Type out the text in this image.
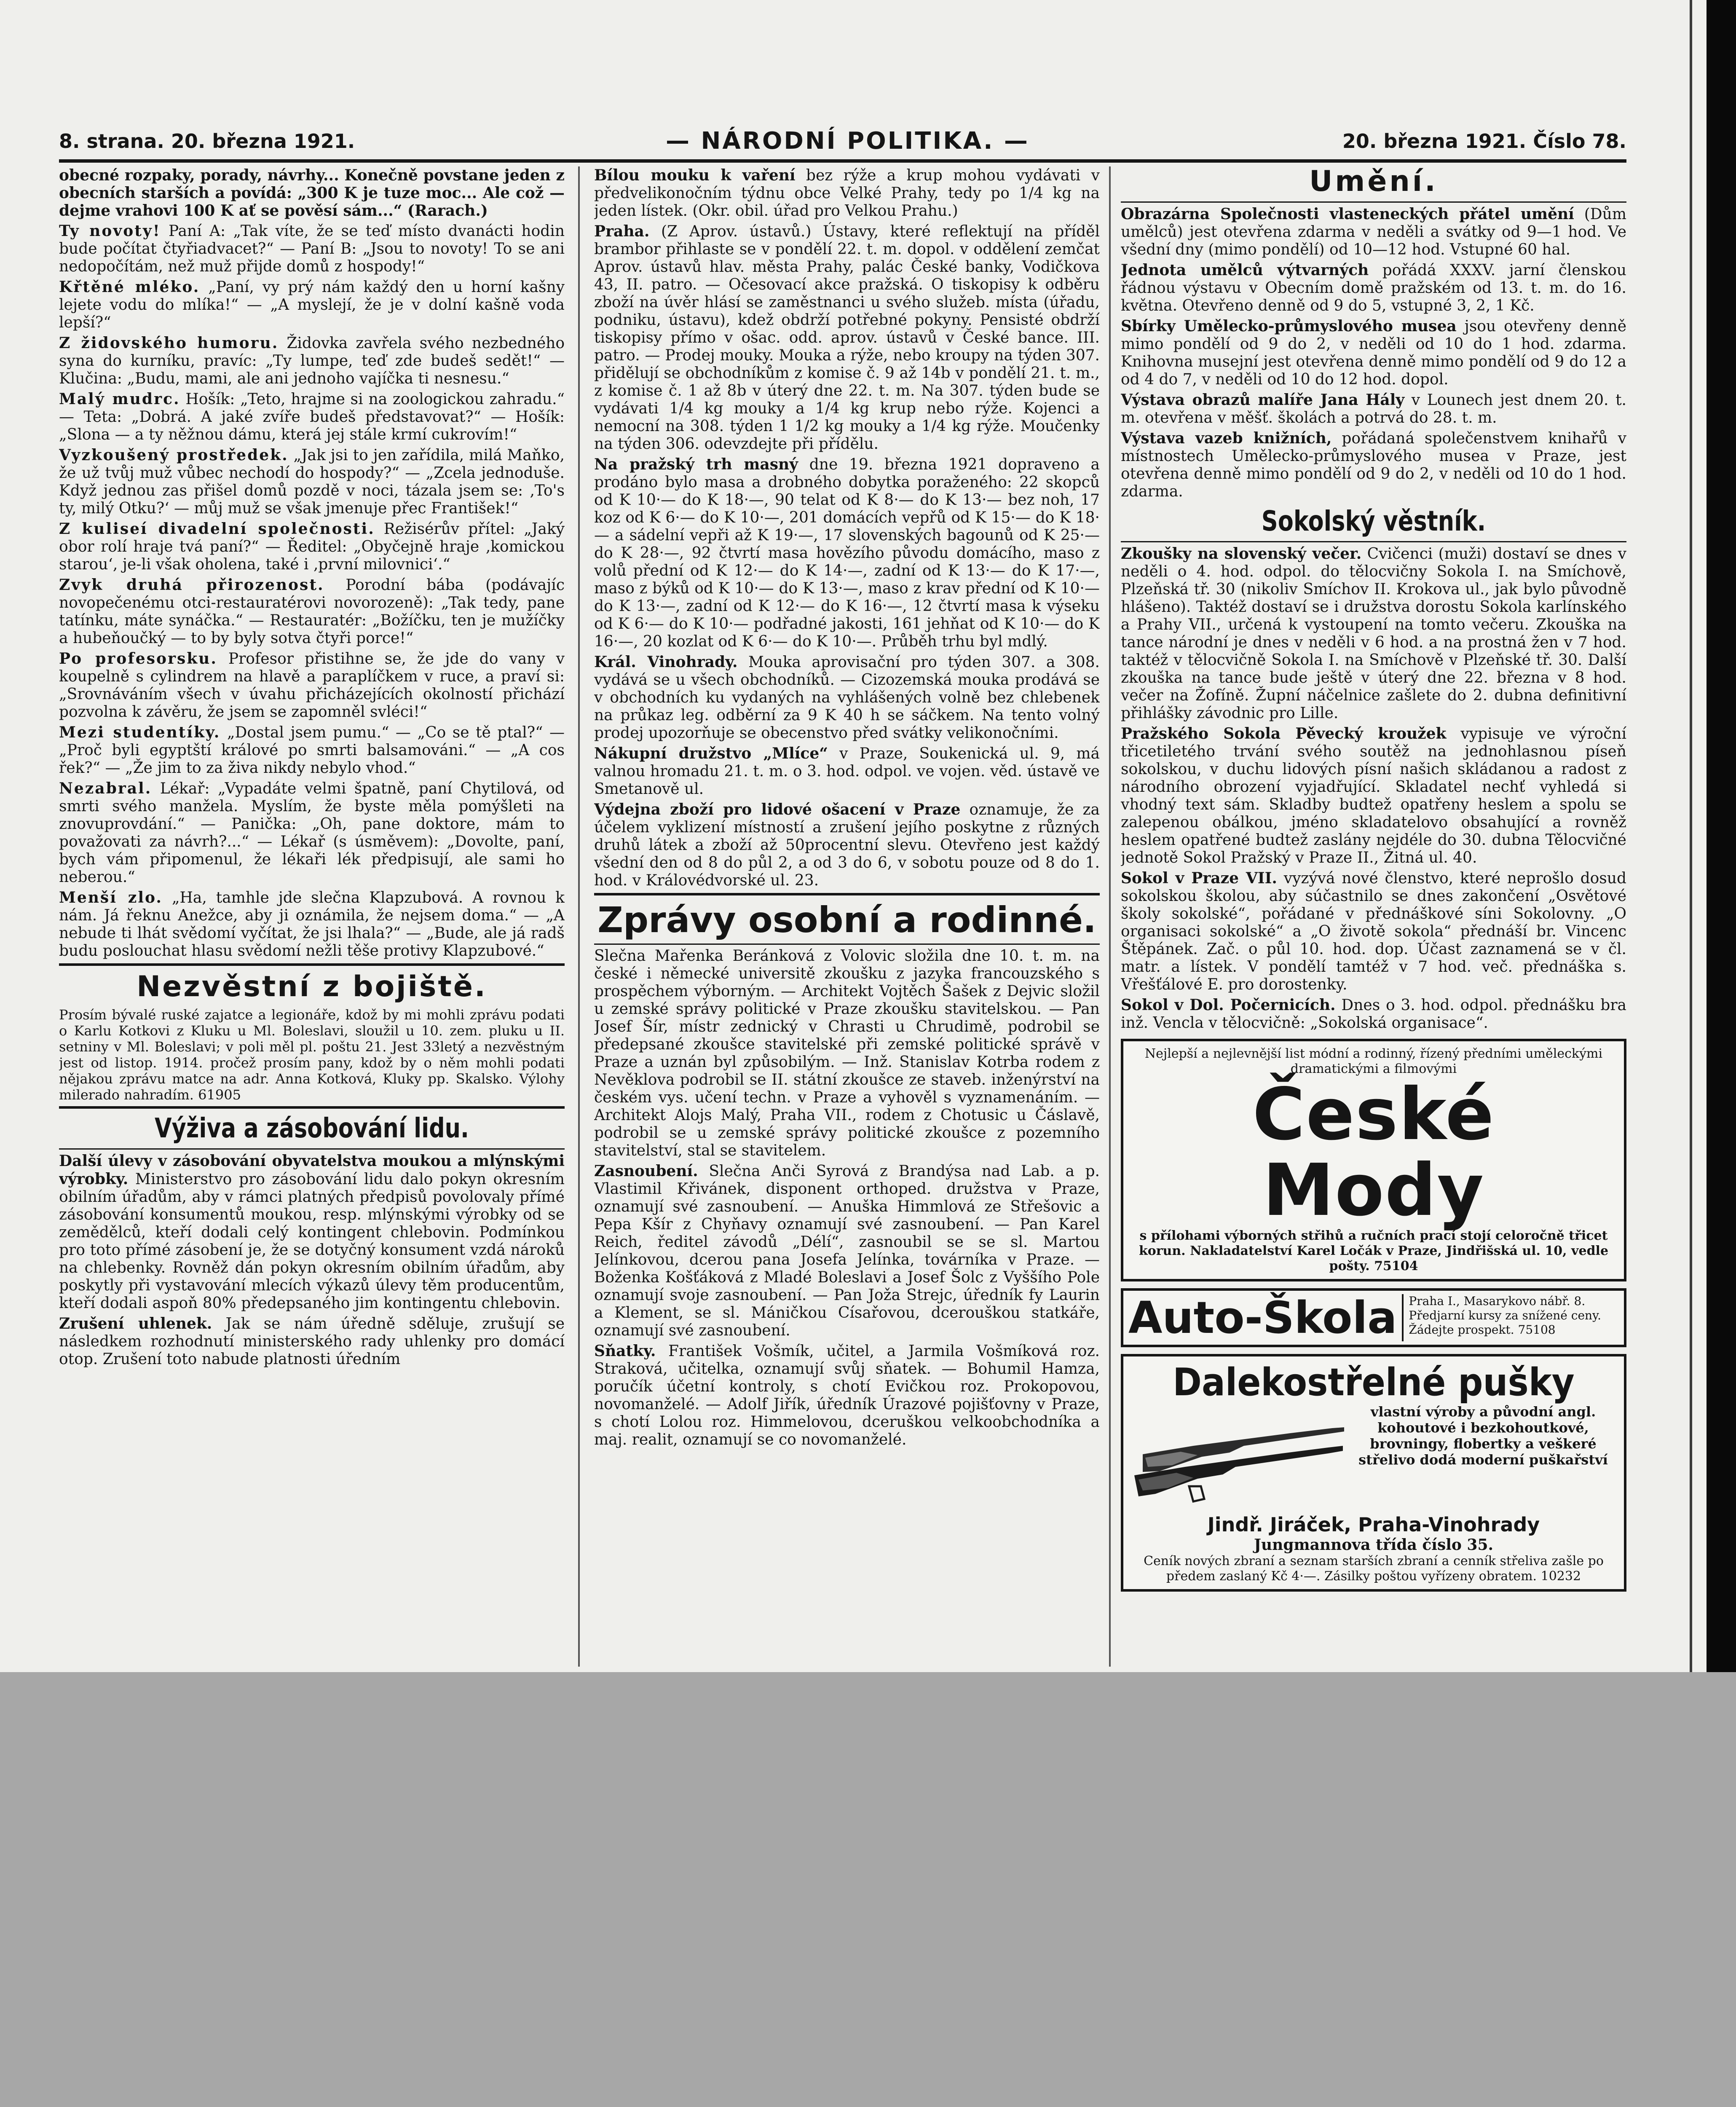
8. strana. 20. března 1921.	— NÁRODNÍ POLITIKA. —	20. března 1921. Číslo 78.

obecné rozpaky, porady, návrhy... Konečně povstane jeden z obecních starších a povídá: „300 K je tuze moc... Ale což — dejme vrahovi 100 K ať se pověsí sám...“ (Rarach.)

Ty novoty! Paní A: „Tak víte, že se teď místo dvanácti hodin bude počítat čtyřiadvacet?“ — Paní B: „Jsou to novoty! To se ani nedopočítám, než muž přijde domů z hospody!“

Křtěné mléko. „Paní, vy prý nám každý den u horní kašny lejete vodu do mlíka!“ — „A myslejí, že je v dolní kašně voda lepší?“

Z židovského humoru. Židovka zavřela svého nezbedného syna do kurníku, pravíc: „Ty lumpe, teď zde budeš sedět!“ — Klučina: „Budu, mami, ale ani jednoho vajíčka ti nesnesu.“

Malý mudrc. Hošík: „Teto, hrajme si na zoologickou zahradu.“ — Teta: „Dobrá. A jaké zvíře budeš představovat?“ — Hošík: „Slona — a ty něžnou dámu, která jej stále krmí cukrovím!“

Vyzkoušený prostředek. „Jak jsi to jen zařídila, milá Maňko, že už tvůj muž vůbec nechodí do hospody?“ — „Zcela jednoduše. Když jednou zas přišel domů pozdě v noci, tázala jsem se: ‚To's ty, milý Otku?‘ — můj muž se však jmenuje přec František!“

Z kuliseí divadelní společnosti. Režisérův přítel: „Jaký obor rolí hraje tvá paní?“ — Ředitel: „Obyčejně hraje ‚komickou starou‘, je-li však oholena, také i ‚první milovnici‘.“

Zvyk druhá přirozenost. Porodní bába (podávajíc novopečenému otci-restauratérovi novorozeně): „Tak tedy, pane tatínku, máte synáčka.“ — Restauratér: „Božíčku, ten je mužíčky a hubeňoučký — to by byly sotva čtyři porce!“

Po profesorsku. Profesor přistihne se, že jde do vany v koupelně s cylindrem na hlavě a paraplíčkem v ruce, a praví si: „Srovnáváním všech v úvahu přicházejících okolností přichází pozvolna k závěru, že jsem se zapomněl svléci!“

Mezi studentíky. „Dostal jsem pumu.“ — „Co se tě ptal?“ — „Proč byli egyptští králové po smrti balsamováni.“ — „A cos řek?“ — „Že jim to za živa nikdy nebylo vhod.“

Nezabral. Lékař: „Vypadáte velmi špatně, paní Chytilová, od smrti svého manžela. Myslím, že byste měla pomýšleti na znovuprovdání.“ — Panička: „Oh, pane doktore, mám to považovati za návrh?...“ — Lékař (s úsměvem): „Dovolte, paní, bych vám připomenul, že lékaři lék předpisují, ale sami ho neberou.“

Menší zlo. „Ha, tamhle jde slečna Klapzubová. A rovnou k nám. Já řeknu Anežce, aby ji oznámila, že nejsem doma.“ — „A nebude ti lhát svědomí vyčítat, že jsi lhala?“ — „Bude, ale já radš budu poslouchat hlasu svědomí nežli těše protivy Klapzubové.“

Nezvěstní z bojiště.

Prosím bývalé ruské zajatce a legionáře, kdož by mi mohli zprávu podati o Karlu Kotkovi z Kluku u Ml. Boleslavi, sloužil u 10. zem. pluku u II. setniny v Ml. Boleslavi; v poli měl pl. poštu 21. Jest 33letý a nezvěstným jest od listop. 1914. pročež prosím pany, kdož by o něm mohli podati nějakou zprávu matce na adr. Anna Kotková, Kluky pp. Skalsko. Výlohy milerado nahradím. 61905

Výživa a zásobování lidu.

Další úlevy v zásobování obyvatelstva moukou a mlýnskými výrobky. Ministerstvo pro zásobování lidu dalo pokyn okresním obilním úřadům, aby v rámci platných předpisů povolovaly přímé zásobování konsumentů moukou, resp. mlýnskými výrobky od se zemědělců, kteří dodali celý kontingent chlebovin. Podmínkou pro toto přímé zásobení je, že se dotyčný konsument vzdá nároků na chlebenky. Rovněž dán pokyn okresním obilním úřadům, aby poskytly při vystavování mlecích výkazů úlevy těm producentům, kteří dodali aspoň 80% předepsaného jim kontingentu chlebovin.

Zrušení uhlenek. Jak se nám úředně sděluje, zrušují se následkem rozhodnutí ministerského rady uhlenky pro domácí otop. Zrušení toto nabude platnosti úředním

Bílou mouku k vaření bez rýže a krup mohou vydávati v předvelikonočním týdnu obce Velké Prahy, tedy po 1/4 kg na jeden lístek. (Okr. obil. úřad pro Velkou Prahu.)

Praha. (Z Aprov. ústavů.) Ústavy, které reflektují na příděl brambor přihlaste se v pondělí 22. t. m. dopol. v oddělení zemčat Aprov. ústavů hlav. města Prahy, palác České banky, Vodičkova 43, II. patro. — Očesovací akce pražská. O tiskopisy k odběru zboží na úvěr hlásí se zaměstnanci u svého služeb. místa (úřadu, podniku, ústavu), kdež obdrží potřebné pokyny. Pensisté obdrží tiskopisy přímo v ošac. odd. aprov. ústavů v České bance. III. patro. — Prodej mouky. Mouka a rýže, nebo kroupy na týden 307. přidělují se obchodníkům z komise č. 9 až 14b v pondělí 21. t. m., z komise č. 1 až 8b v úterý dne 22. t. m. Na 307. týden bude se vydávati 1/4 kg mouky a 1/4 kg krup nebo rýže. Kojenci a nemocní na 308. týden 1 1/2 kg mouky a 1/4 kg rýže. Moučenky na týden 306. odevzdejte při přídělu.

Na pražský trh masný dne 19. března 1921 dopraveno a prodáno bylo masa a drobného dobytka poraženého: 22 skopců od K 10·— do K 18·—, 90 telat od K 8·— do K 13·— bez noh, 17 koz od K 6·— do K 10·—, 201 domácích vepřů od K 15·— do K 18·— a sádelní vepři až K 19·—, 17 slovenských bagounů od K 25·— do K 28·—, 92 čtvrtí masa hovězího původu domácího, maso z volů přední od K 12·— do K 14·—, zadní od K 13·— do K 17·—, maso z býků od K 10·— do K 13·—, maso z krav přední od K 10·— do K 13·—, zadní od K 12·— do K 16·—, 12 čtvrtí masa k výseku od K 6·— do K 10·— podřadné jakosti, 161 jehňat od K 10·— do K 16·—, 20 kozlat od K 6·— do K 10·—. Průběh trhu byl mdlý.

Král. Vinohrady. Mouka aprovisační pro týden 307. a 308. vydává se u všech obchodníků. — Cizozemská mouka prodává se v obchodních ku vydaných na vyhlášených volně bez chlebenek na průkaz leg. odběrní za 9 K 40 h se sáčkem. Na tento volný prodej upozorňuje se obecenstvo před svátky velikonočními.

Nákupní družstvo „Mlíce“ v Praze, Soukenická ul. 9, má valnou hromadu 21. t. m. o 3. hod. odpol. ve vojen. věd. ústavě ve Smetanově ul.

Výdejna zboží pro lidové ošacení v Praze oznamuje, že za účelem vyklizení místností a zrušení jejího poskytne z různých druhů látek a zboží až 50procentní slevu. Otevřeno jest každý všední den od 8 do půl 2, a od 3 do 6, v sobotu pouze od 8 do 1. hod. v Královédvorské ul. 23.

Zprávy osobní a rodinné.

Slečna Mařenka Beránková z Volovic složila dne 10. t. m. na české i německé universitě zkoušku z jazyka francouzského s prospěchem výborným. — Architekt Vojtěch Šašek z Dejvic složil u zemské správy politické v Praze zkoušku stavitelskou. — Pan Josef Šír, místr zednický v Chrasti u Chrudimě, podrobil se předepsané zkoušce stavitelské při zemské politické správě v Praze a uznán byl způsobilým. — Inž. Stanislav Kotrba rodem z Nevěklova podrobil se II. státní zkoušce ze staveb. inženýrství na českém vys. učení techn. v Praze a vyhověl s vyznamenáním. — Architekt Alojs Malý, Praha VII., rodem z Chotusic u Čáslavě, podrobil se u zemské správy politické zkoušce z pozemního stavitelství, stal se stavitelem.

Zasnoubení. Slečna Anči Syrová z Brandýsa nad Lab. a p. Vlastimil Křivánek, disponent orthoped. družstva v Praze, oznamují své zasnoubení. — Anuška Himmlová ze Střešovic a Pepa Kšír z Chyňavy oznamují své zasnoubení. — Pan Karel Reich, ředitel závodů „Délí“, zasnoubil se se sl. Martou Jelínkovou, dcerou pana Josefa Jelínka, továrníka v Praze. — Boženka Košťáková z Mladé Boleslavi a Josef Šolc z Vyššího Pole oznamují svoje zasnoubení. — Pan Joža Strejc, úředník fy Laurin a Klement, se sl. Máničkou Císařovou, dcerouškou statkáře, oznamují své zasnoubení.

Sňatky. František Vošmík, učitel, a Jarmila Vošmíková roz. Straková, učitelka, oznamují svůj sňatek. — Bohumil Hamza, poručík účetní kontroly, s chotí Evičkou roz. Prokopovou, novomanželé. — Adolf Jiřík, úředník Úrazové pojišťovny v Praze, s chotí Lolou roz. Himmelovou, dceruškou velkoobchodníka a maj. realit, oznamují se co novomanželé.

Umění.

Obrazárna Společnosti vlasteneckých přátel umění (Dům umělců) jest otevřena zdarma v neděli a svátky od 9—1 hod. Ve všední dny (mimo pondělí) od 10—12 hod. Vstupné 60 hal.

Jednota umělců výtvarných pořádá XXXV. jarní členskou řádnou výstavu v Obecním domě pražském od 13. t. m. do 16. května. Otevřeno denně od 9 do 5, vstupné 3, 2, 1 Kč.

Sbírky Umělecko-průmyslového musea jsou otevřeny denně mimo pondělí od 9 do 2, v neděli od 10 do 1 hod. zdarma. Knihovna musejní jest otevřena denně mimo pondělí od 9 do 12 a od 4 do 7, v neděli od 10 do 12 hod. dopol.

Výstava obrazů malíře Jana Hály v Lounech jest dnem 20. t. m. otevřena v měšť. školách a potrvá do 28. t. m.

Výstava vazeb knižních, pořádaná společenstvem knihařů v místnostech Umělecko-průmyslového musea v Praze, jest otevřena denně mimo pondělí od 9 do 2, v neděli od 10 do 1 hod. zdarma.

Sokolský věstník.

Zkoušky na slovenský večer. Cvičenci (muži) dostaví se dnes v neděli o 4. hod. odpol. do tělocvičny Sokola I. na Smíchově, Plzeňská tř. 30 (nikoliv Smíchov II. Krokova ul., jak bylo původně hlášeno). Taktéž dostaví se i družstva dorostu Sokola karlínského a Prahy VII., určená k vystoupení na tomto večeru. Zkouška na tance národní je dnes v neděli v 6 hod. a na prostná žen v 7 hod. taktéž v tělocvičně Sokola I. na Smíchově v Plzeňské tř. 30. Další zkouška na tance bude ještě v úterý dne 22. března v 8 hod. večer na Žofíně. Župní náčelnice zašlete do 2. dubna definitivní přihlášky závodnic pro Lille.

Pražského Sokola Pěvecký kroužek vypisuje ve výroční třicetiletého trvání svého soutěž na jednohlasnou píseň sokolskou, v duchu lidových písní našich skládanou a radost z národního obrození vyjadřující. Skladatel nechť vyhledá si vhodný text sám. Skladby budtež opatřeny heslem a spolu se zalepenou obálkou, jméno skladatelovo obsahující a rovněž heslem opatřené budtež zaslány nejdéle do 30. dubna Tělocvičné jednotě Sokol Pražský v Praze II., Žitná ul. 40.

Sokol v Praze VII. vyzývá nové členstvo, které neprošlo dosud sokolskou školou, aby súčastnilo se dnes zakončení „Osvětové školy sokolské“, pořádané v přednáškové síni Sokolovny. „O organisaci sokolské“ a „O životě sokola“ přednáší br. Vincenc Štěpánek. Zač. o půl 10. hod. dop. Účast zaznamená se v čl. matr. a lístek. V pondělí tamtéž v 7 hod. več. přednáška s. Vřešťálové E. pro dorostenky.

Sokol v Dol. Počernicích. Dnes o 3. hod. odpol. přednášku bra inž. Vencla v tělocvičně: „Sokolská organisace“.

Nejlepší a nejlevnější list módní a rodinný, řízený předními uměleckými dramatickými a filmovými

České Mody

s přílohami výborných střihů a ručních prací stojí celoročně třicet korun. Nakladatelství Karel Ločák v Praze, Jindřišská ul. 10, vedle pošty. 75104

Auto-Škola	Praha I., Masarykovo nábř. 8. Předjarní kursy za snížené ceny. Žádejte prospekt. 75108
Dalekostřelné pušky
vlastní výroby a původní angl. kohoutové i bezkohoutkové, brovningy, flobertky a veškeré střelivo dodá moderní puškařství
Jindř. Jiráček, Praha-Vinohrady

Jungmannova třída číslo 35.

Ceník nových zbraní a seznam starších zbraní a cenník střeliva zašle po předem zaslaný Kč 4·—. Zásilky poštou vyřízeny obratem. 10232
